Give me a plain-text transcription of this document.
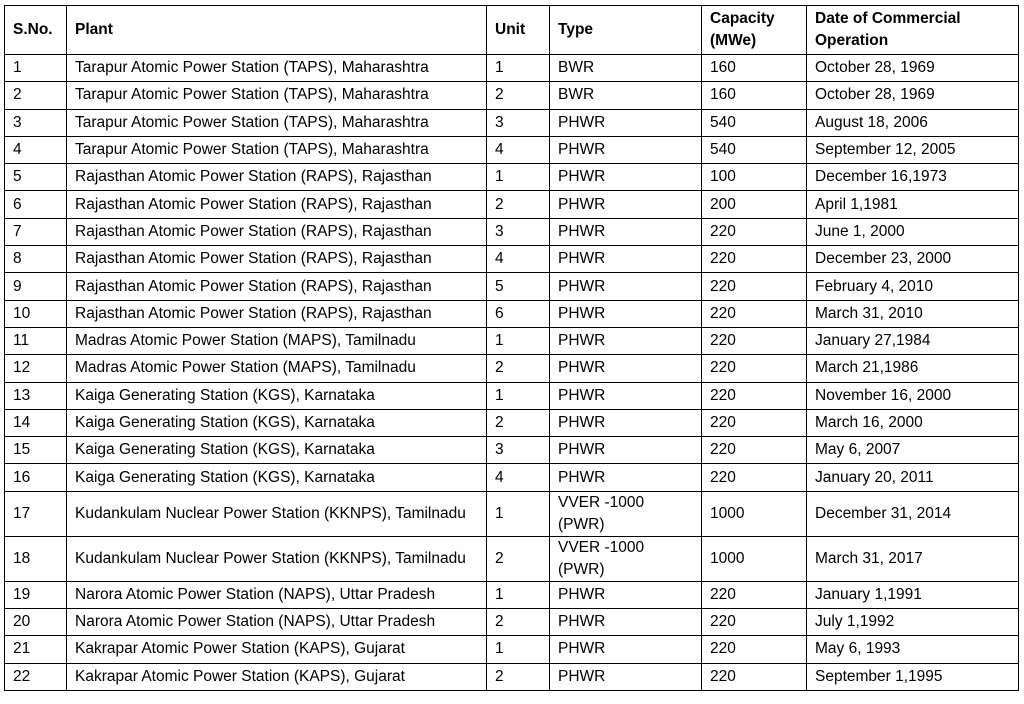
S.No.	Plant	Unit	Type	Capacity (MWe)	Date of Commercial Operation
1	Tarapur Atomic Power Station (TAPS), Maharashtra	1	BWR	160	October 28, 1969
2	Tarapur Atomic Power Station (TAPS), Maharashtra	2	BWR	160	October 28, 1969
3	Tarapur Atomic Power Station (TAPS), Maharashtra	3	PHWR	540	August 18, 2006
4	Tarapur Atomic Power Station (TAPS), Maharashtra	4	PHWR	540	September 12, 2005
5	Rajasthan Atomic Power Station (RAPS), Rajasthan	1	PHWR	100	December 16,1973
6	Rajasthan Atomic Power Station (RAPS), Rajasthan	2	PHWR	200	April 1,1981
7	Rajasthan Atomic Power Station (RAPS), Rajasthan	3	PHWR	220	June 1, 2000
8	Rajasthan Atomic Power Station (RAPS), Rajasthan	4	PHWR	220	December 23, 2000
9	Rajasthan Atomic Power Station (RAPS), Rajasthan	5	PHWR	220	February 4, 2010
10	Rajasthan Atomic Power Station (RAPS), Rajasthan	6	PHWR	220	March 31, 2010
11	Madras Atomic Power Station (MAPS), Tamilnadu	1	PHWR	220	January 27,1984
12	Madras Atomic Power Station (MAPS), Tamilnadu	2	PHWR	220	March 21,1986
13	Kaiga Generating Station (KGS), Karnataka	1	PHWR	220	November 16, 2000
14	Kaiga Generating Station (KGS), Karnataka	2	PHWR	220	March 16, 2000
15	Kaiga Generating Station (KGS), Karnataka	3	PHWR	220	May 6, 2007
16	Kaiga Generating Station (KGS), Karnataka	4	PHWR	220	January 20, 2011
17	Kudankulam Nuclear Power Station (KKNPS), Tamilnadu	1	VVER -1000 (PWR)	1000	December 31, 2014
18	Kudankulam Nuclear Power Station (KKNPS), Tamilnadu	2	VVER -1000 (PWR)	1000	March 31, 2017
19	Narora Atomic Power Station (NAPS), Uttar Pradesh	1	PHWR	220	January 1,1991
20	Narora Atomic Power Station (NAPS), Uttar Pradesh	2	PHWR	220	July 1,1992
21	Kakrapar Atomic Power Station (KAPS), Gujarat	1	PHWR	220	May 6, 1993
22	Kakrapar Atomic Power Station (KAPS), Gujarat	2	PHWR	220	September 1,1995
